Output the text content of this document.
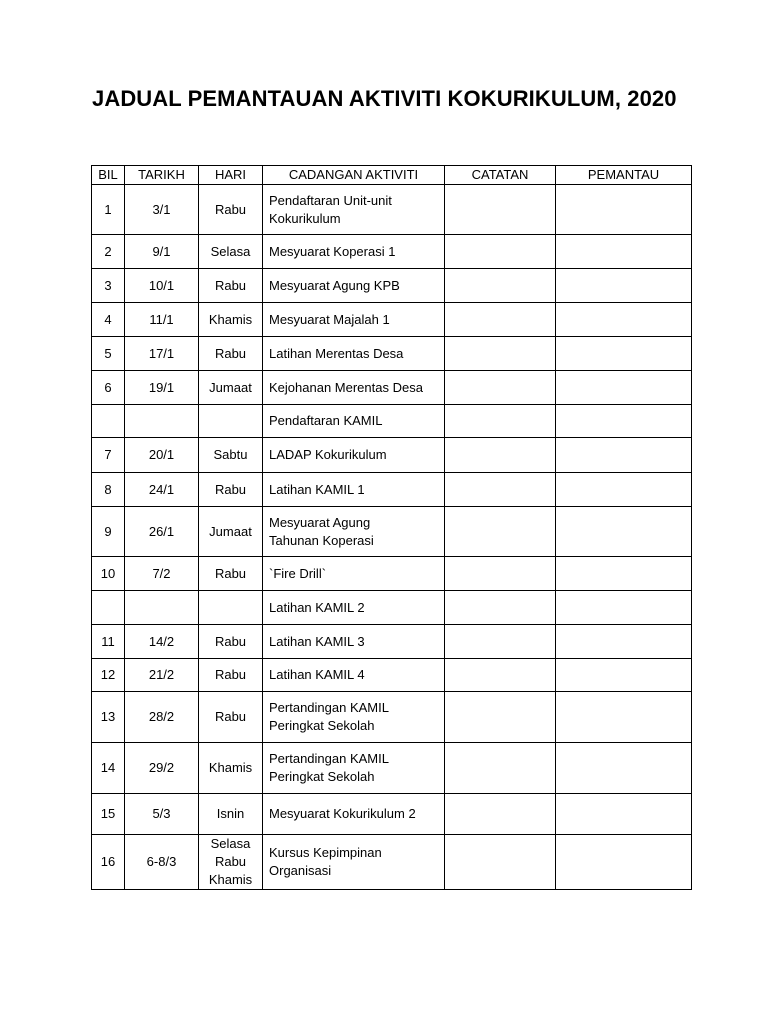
JADUAL PEMANTAUAN AKTIVITI KOKURIKULUM, 2020
BIL	TARIKH	HARI	CADANGAN AKTIVITI	CATATAN	PEMANTAU
1	3/1	Rabu	Pendaftaran Unit-unit
Kokurikulum		
2	9/1	Selasa	Mesyuarat Koperasi 1		
3	10/1	Rabu	Mesyuarat Agung KPB		
4	11/1	Khamis	Mesyuarat Majalah 1		
5	17/1	Rabu	Latihan Merentas Desa		
6	19/1	Jumaat	Kejohanan Merentas Desa		
			Pendaftaran KAMIL		
7	20/1	Sabtu	LADAP Kokurikulum		
8	24/1	Rabu	Latihan KAMIL 1		
9	26/1	Jumaat	Mesyuarat Agung
Tahunan Koperasi		
10	7/2	Rabu	`Fire Drill`		
			Latihan KAMIL 2		
11	14/2	Rabu	Latihan KAMIL 3		
12	21/2	Rabu	Latihan KAMIL 4		
13	28/2	Rabu	Pertandingan KAMIL
Peringkat Sekolah		
14	29/2	Khamis	Pertandingan KAMIL
Peringkat Sekolah		
15	5/3	Isnin	Mesyuarat Kokurikulum 2		
16	6-8/3	Selasa
Rabu
Khamis	Kursus Kepimpinan
Organisasi		
